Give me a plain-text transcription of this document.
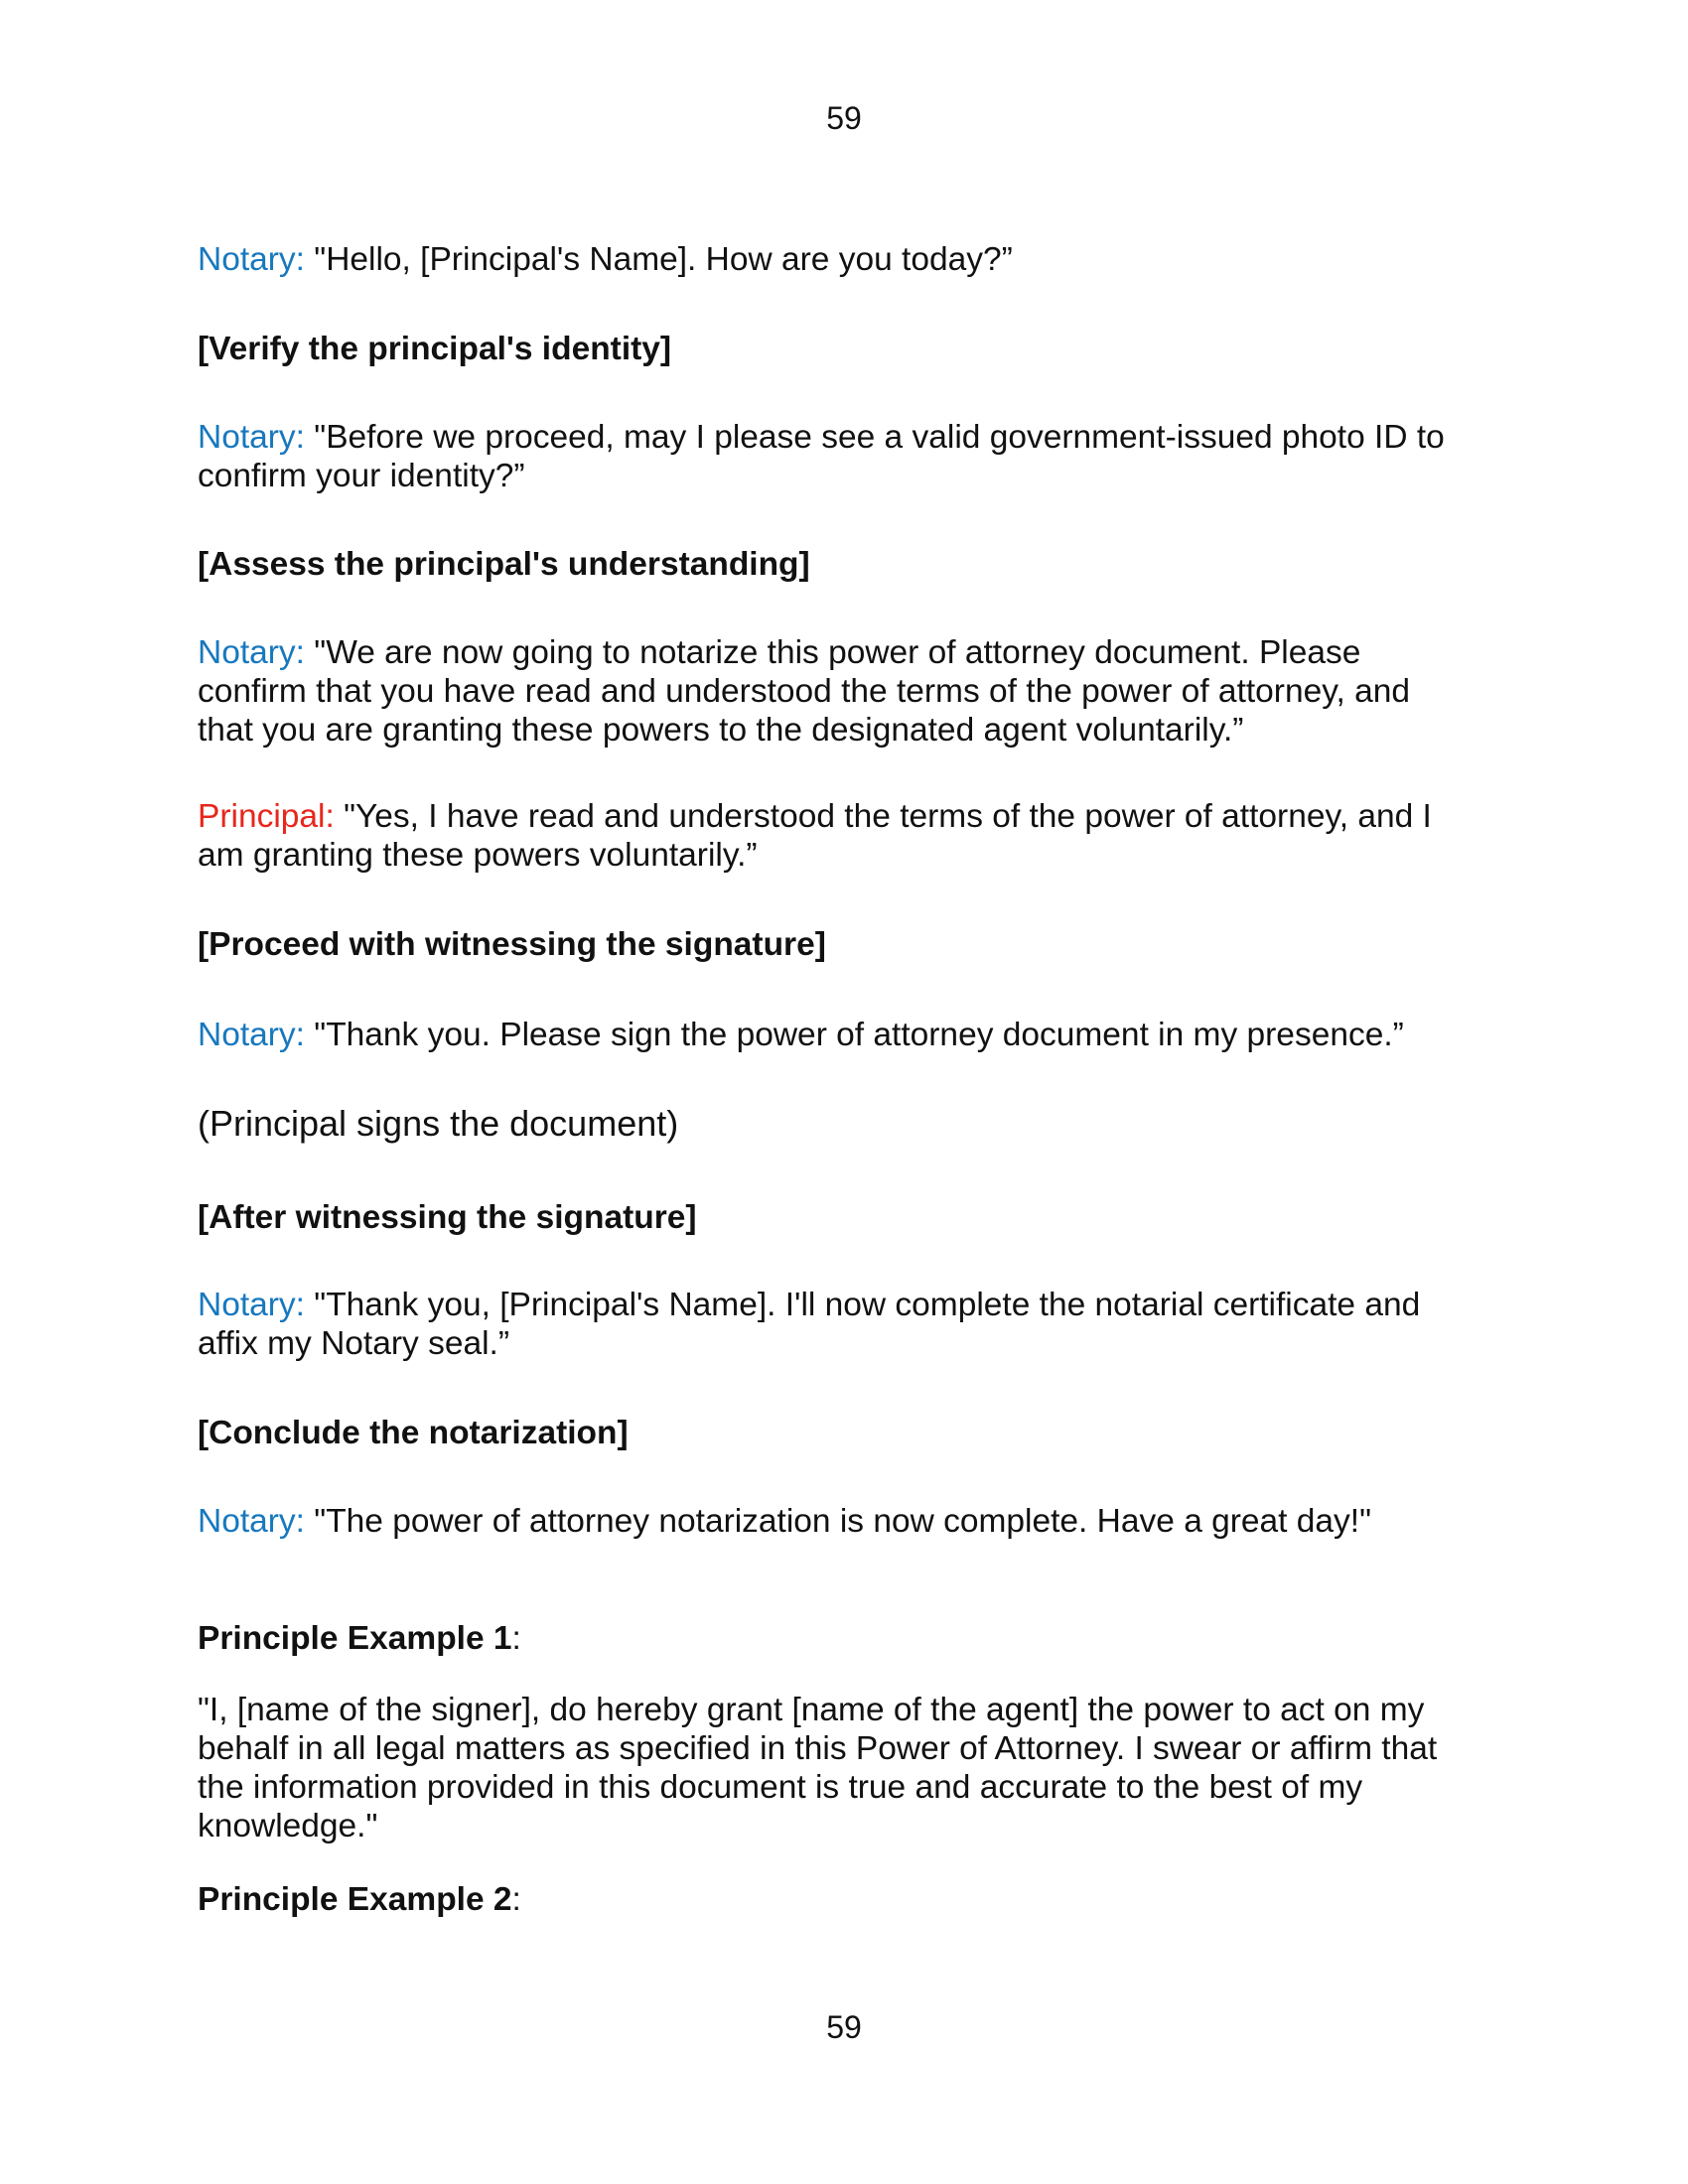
59
Notary: "Hello, [Principal's Name]. How are you today?”
[Verify the principal's identity]
Notary: "Before we proceed, may I please see a valid government-issued photo ID to
confirm your identity?”
[Assess the principal's understanding]
Notary: "We are now going to notarize this power of attorney document. Please
confirm that you have read and understood the terms of the power of attorney, and
that you are granting these powers to the designated agent voluntarily.”
Principal: "Yes, I have read and understood the terms of the power of attorney, and I
am granting these powers voluntarily.”
[Proceed with witnessing the signature]
Notary: "Thank you. Please sign the power of attorney document in my presence.”
(Principal signs the document)
[After witnessing the signature]
Notary: "Thank you, [Principal's Name]. I'll now complete the notarial certificate and
affix my Notary seal.”
[Conclude the notarization]
Notary: "The power of attorney notarization is now complete. Have a great day!"
Principle Example 1:
"I, [name of the signer], do hereby grant [name of the agent] the power to act on my
behalf in all legal matters as specified in this Power of Attorney. I swear or affirm that
the information provided in this document is true and accurate to the best of my
knowledge."
Principle Example 2:
59
